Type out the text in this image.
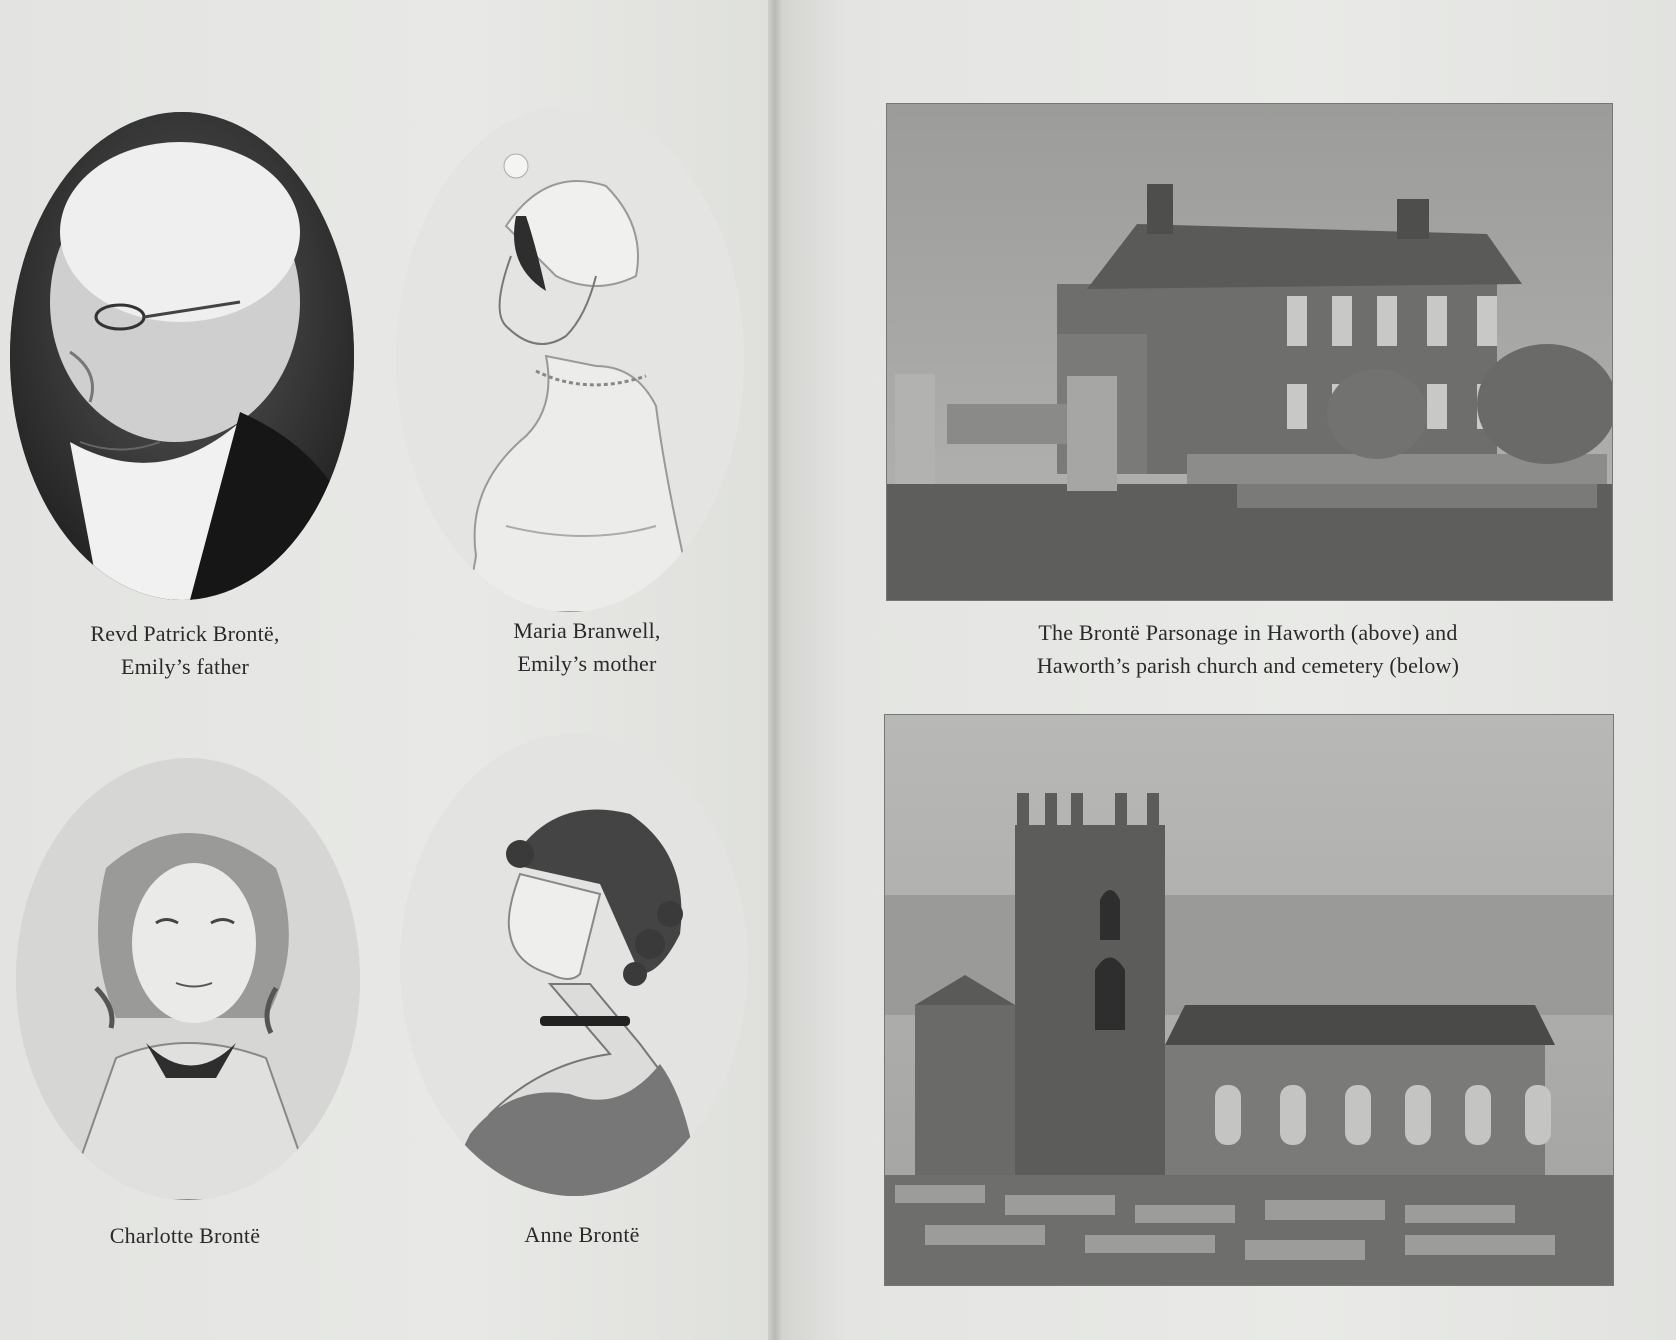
Revd Patrick Brontë,
Emily’s father
Maria Branwell,
Emily’s mother
Charlotte Brontë	Anne Brontë
The Brontë Parsonage in Haworth (above) and
Haworth’s parish church and cemetery (below)
